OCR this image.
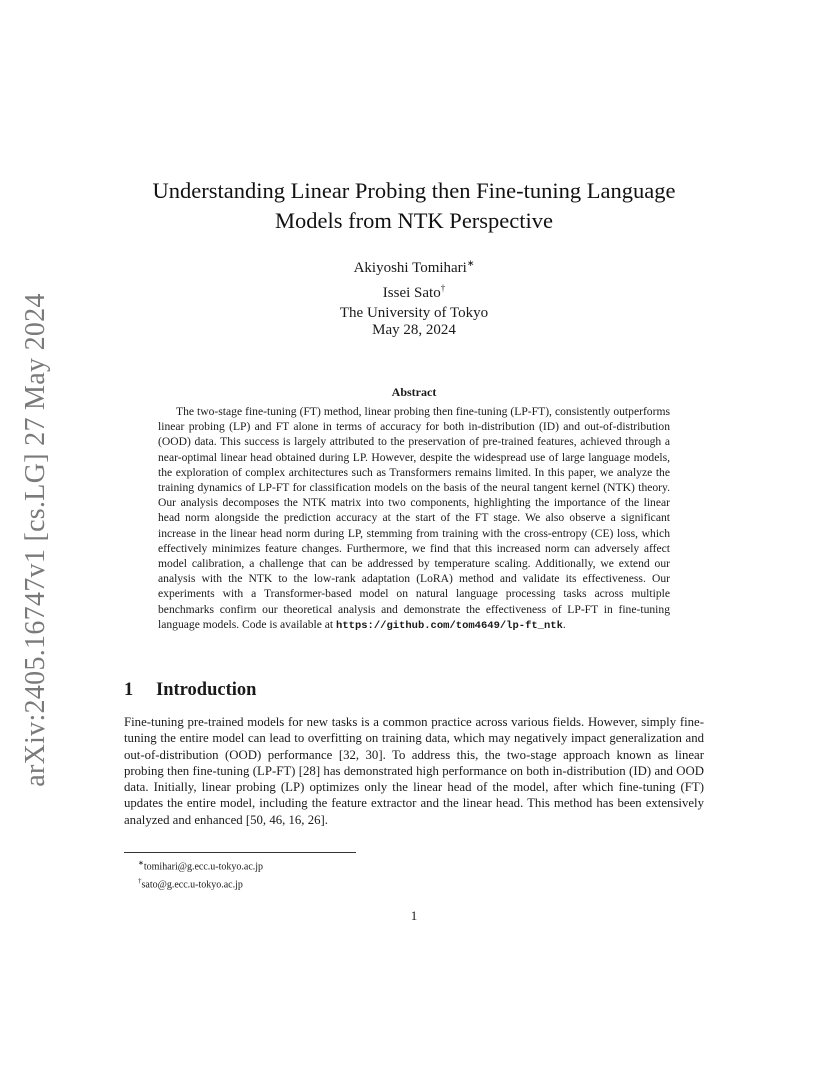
arXiv:2405.16747v1 [cs.LG] 27 May 2024
Understanding Linear Probing then Fine-tuning Language
Models from NTK Perspective
Akiyoshi Tomihari∗
Issei Sato†
The University of Tokyo
May 28, 2024
Abstract
The two-stage fine-tuning (FT) method, linear probing then fine-tuning (LP-FT), consistently outperforms linear probing (LP) and FT alone in terms of accuracy for both in-distribution (ID) and out-of-distribution (OOD) data. This success is largely attributed to the preservation of pre-trained features, achieved through a near-optimal linear head obtained during LP. However, despite the widespread use of large language models, the exploration of complex architectures such as Transformers remains limited. In this paper, we analyze the training dynamics of LP-FT for classification models on the basis of the neural tangent kernel (NTK) theory. Our analysis decomposes the NTK matrix into two components, highlighting the importance of the linear head norm alongside the prediction accuracy at the start of the FT stage. We also observe a significant increase in the linear head norm during LP, stemming from training with the cross-entropy (CE) loss, which effectively minimizes feature changes. Furthermore, we find that this increased norm can adversely affect model calibration, a challenge that can be addressed by temperature scaling. Additionally, we extend our analysis with the NTK to the low-rank adaptation (LoRA) method and validate its effectiveness. Our experiments with a Transformer-based model on natural language processing tasks across multiple benchmarks confirm our theoretical analysis and demonstrate the effectiveness of LP-FT in fine-tuning language models. Code is available at https://github.com/tom4649/lp-ft_ntk.
1 Introduction
Fine-tuning pre-trained models for new tasks is a common practice across various fields. However, simply fine-tuning the entire model can lead to overfitting on training data, which may negatively impact generalization and out-of-distribution (OOD) performance [32, 30]. To address this, the two-stage approach known as linear probing then fine-tuning (LP-FT) [28] has demonstrated high performance on both in-distribution (ID) and OOD data. Initially, linear probing (LP) optimizes only the linear head of the model, after which fine-tuning (FT) updates the entire model, including the feature extractor and the linear head. This method has been extensively analyzed and enhanced [50, 46, 16, 26].
∗tomihari@g.ecc.u-tokyo.ac.jp
†sato@g.ecc.u-tokyo.ac.jp
1
